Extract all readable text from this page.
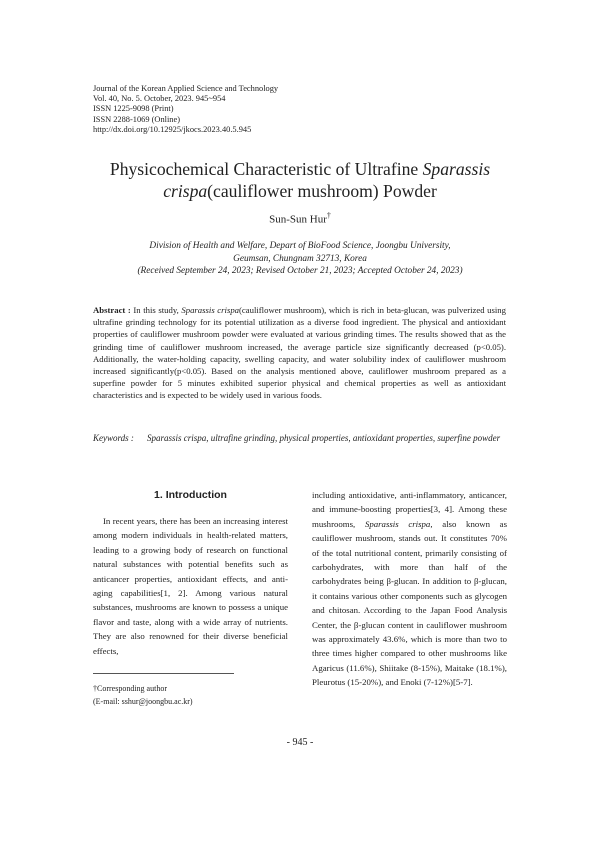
Journal of the Korean Applied Science and Technology
Vol. 40, No. 5. October, 2023. 945~954
ISSN 1225-9098 (Print)
ISSN 2288-1069 (Online)
http://dx.doi.org/10.12925/jkocs.2023.40.5.945
Physicochemical Characteristic of Ultrafine Sparassis
crispa(cauliflower mushroom) Powder
Sun-Sun Hur†
Division of Health and Welfare, Depart of BioFood Science, Joongbu University,
Geumsan, Chungnam 32713, Korea
(Received September 24, 2023; Revised October 21, 2023; Accepted October 24, 2023)
Abstract : In this study, Sparassis crispa(cauliflower mushroom), which is rich in beta-glucan, was pulverized using ultrafine grinding technology for its potential utilization as a diverse food ingredient. The physical and antioxidant properties of cauliflower mushroom powder were evaluated at various grinding times. The results showed that as the grinding time of cauliflower mushroom increased, the average particle size significantly decreased (p<0.05). Additionally, the water-holding capacity, swelling capacity, and water solubility index of cauliflower mushroom increased significantly(p<0.05). Based on the analysis mentioned above, cauliflower mushroom prepared as a superfine powder for 5 minutes exhibited superior physical and chemical properties as well as antioxidant characteristics and is expected to be widely used in various foods.
Keywords : Sparassis crispa, ultrafine grinding, physical properties, antioxidant properties, superfine powder
1. Introduction
In recent years, there has been an increasing interest among modern individuals in health-related matters, leading to a growing body of research on functional natural substances with potential benefits such as anticancer properties, antioxidant effects, and anti-aging capabilities[1, 2]. Among various natural substances, mushrooms are known to possess a unique flavor and taste, along with a wide array of nutrients. They are also renowned for their diverse beneficial effects,
including antioxidative, anti-inflammatory, anticancer, and immune-boosting properties[3, 4]. Among these mushrooms, Sparassis crispa, also known as cauliflower mushroom, stands out. It constitutes 70% of the total nutritional content, primarily consisting of carbohydrates, with more than half of the carbohydrates being β-glucan. In addition to β-glucan, it contains various other components such as glycogen and chitosan. According to the Japan Food Analysis Center, the β-glucan content in cauliflower mushroom was approximately 43.6%, which is more than two to three times higher compared to other mushrooms like Agaricus (11.6%), Shiitake (8-15%), Maitake (18.1%), Pleurotus (15-20%), and Enoki (7-12%)[5-7].
†Corresponding author
(E-mail: sshur@joongbu.ac.kr)
- 945 -
